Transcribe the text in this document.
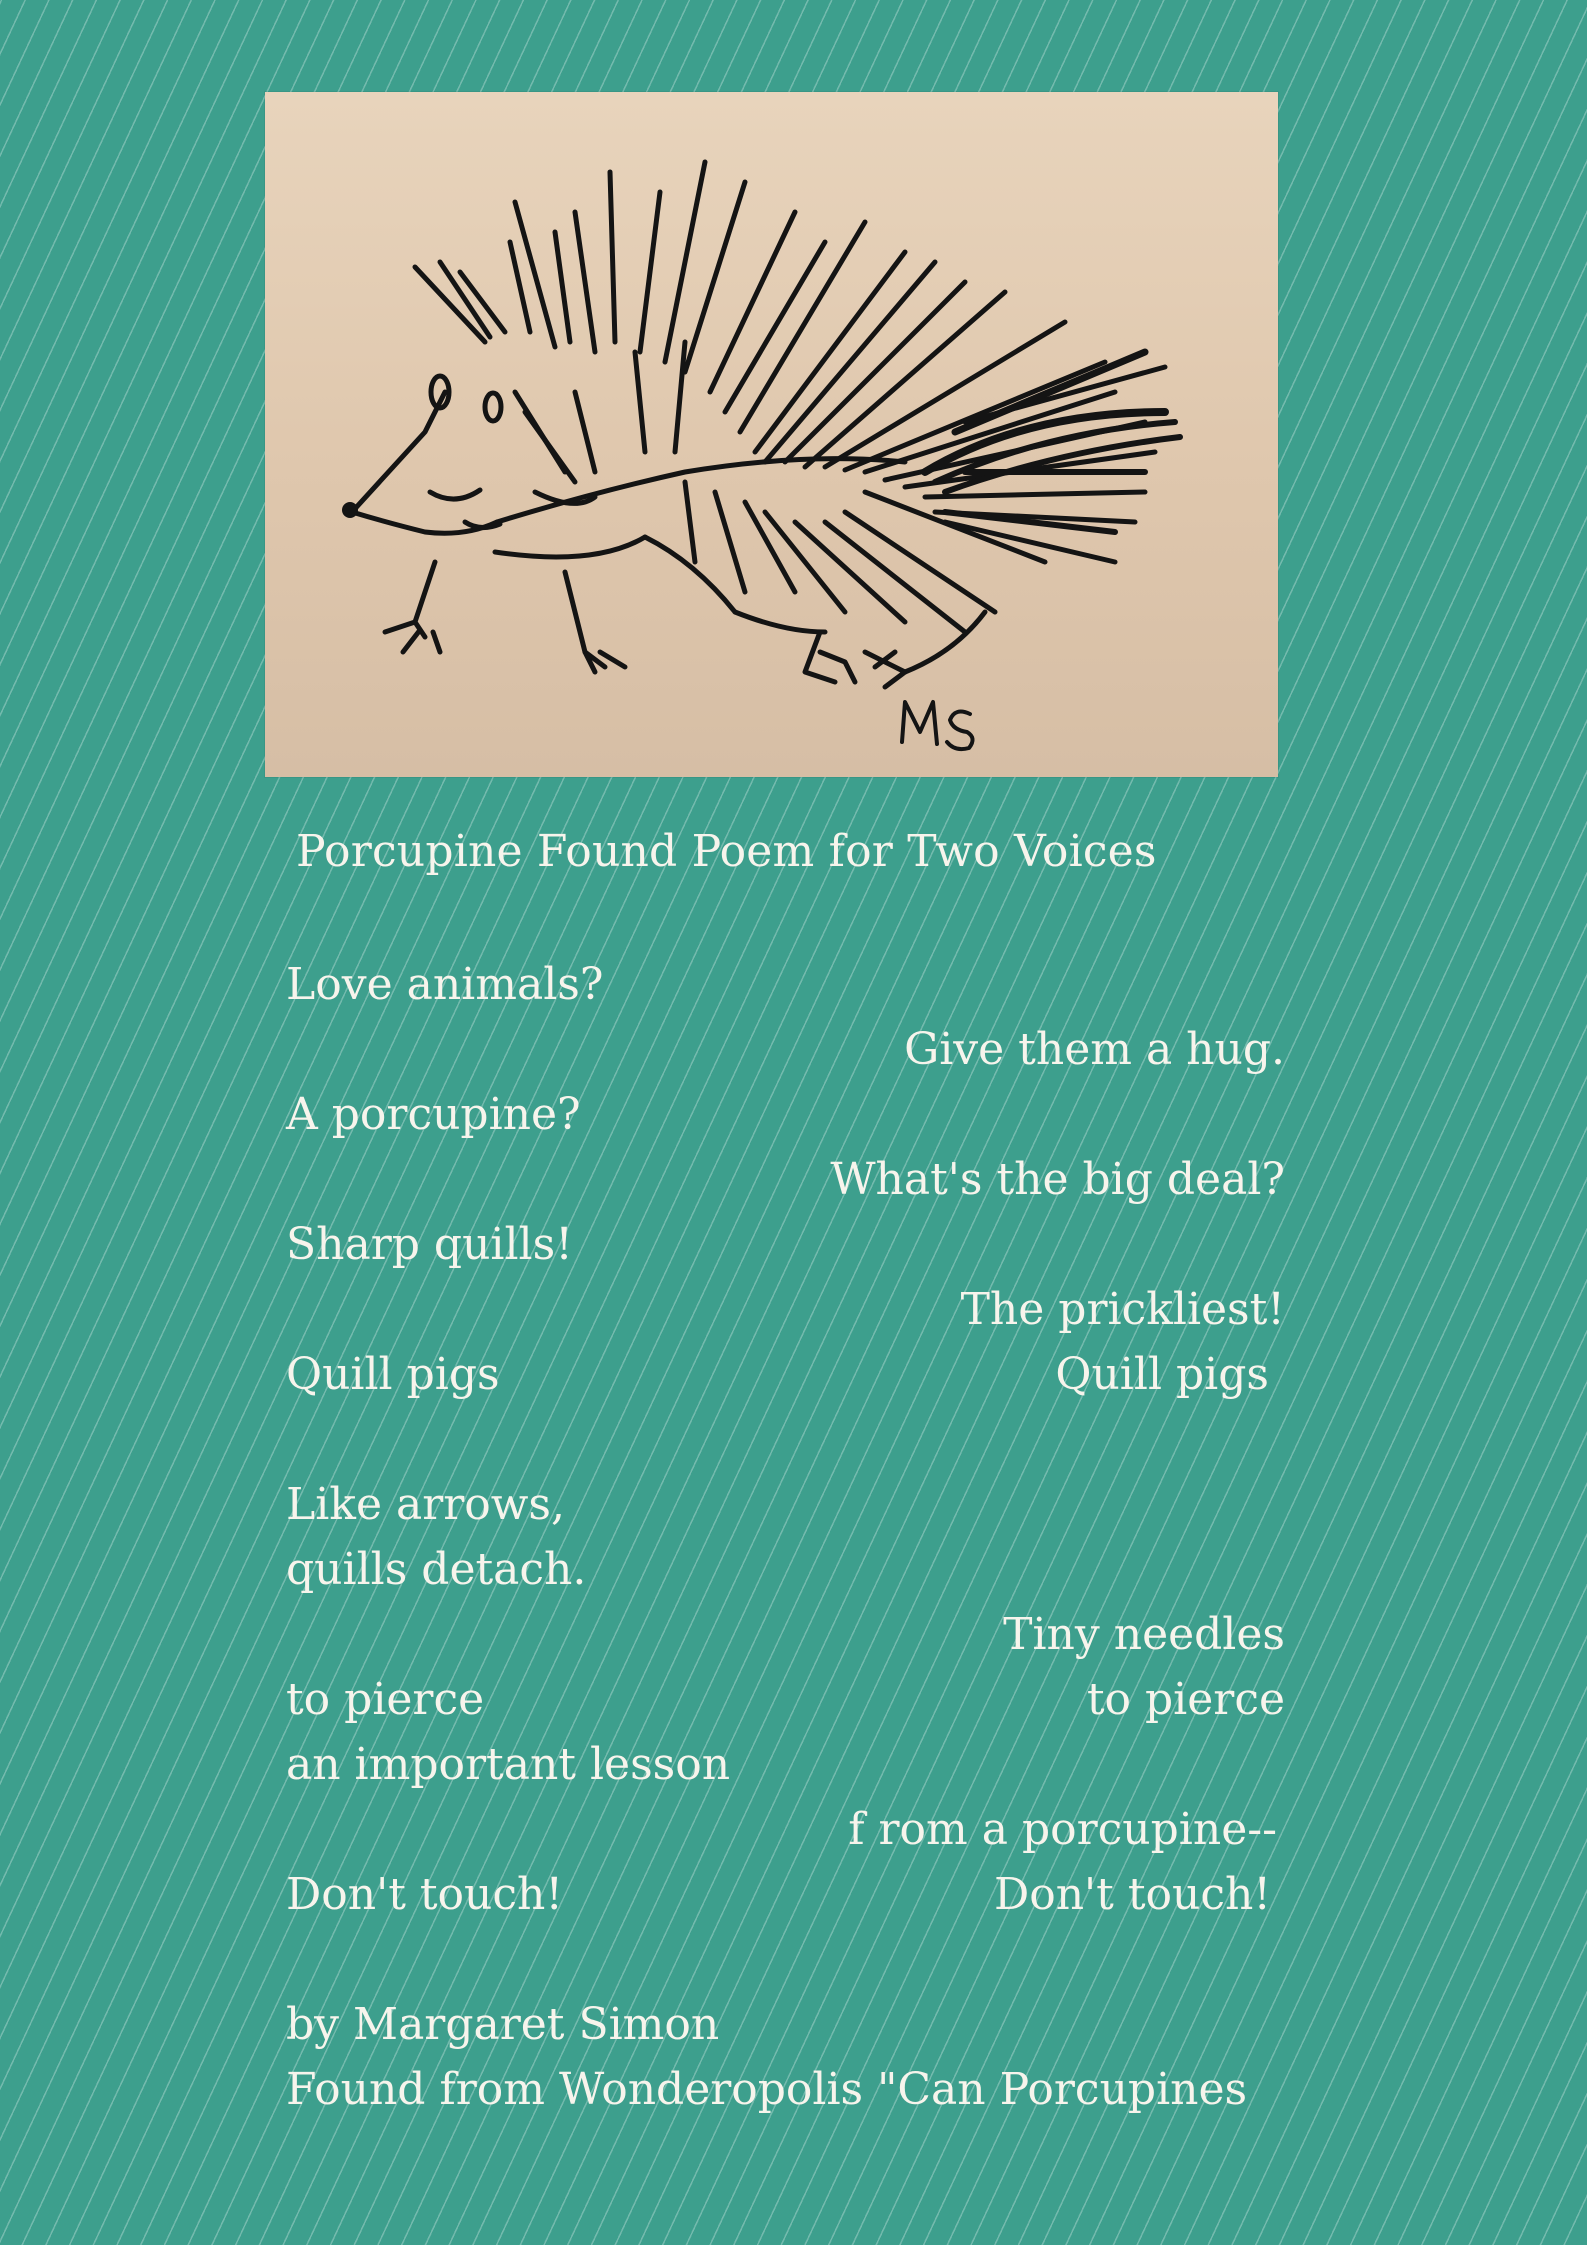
Porcupine Found Poem for Two Voices
Love animals?
Give them a hug.
A porcupine?
What's the big deal?
Sharp quills!
The prickliest!
Quill pigs	Quill pigs
Like arrows,
quills detach.
Tiny needles
to pierce	to pierce
an important lesson
f rom a porcupine--
Don't touch!	Don't touch!
by Margaret Simon
Found from Wonderopolis "Can Porcupines
